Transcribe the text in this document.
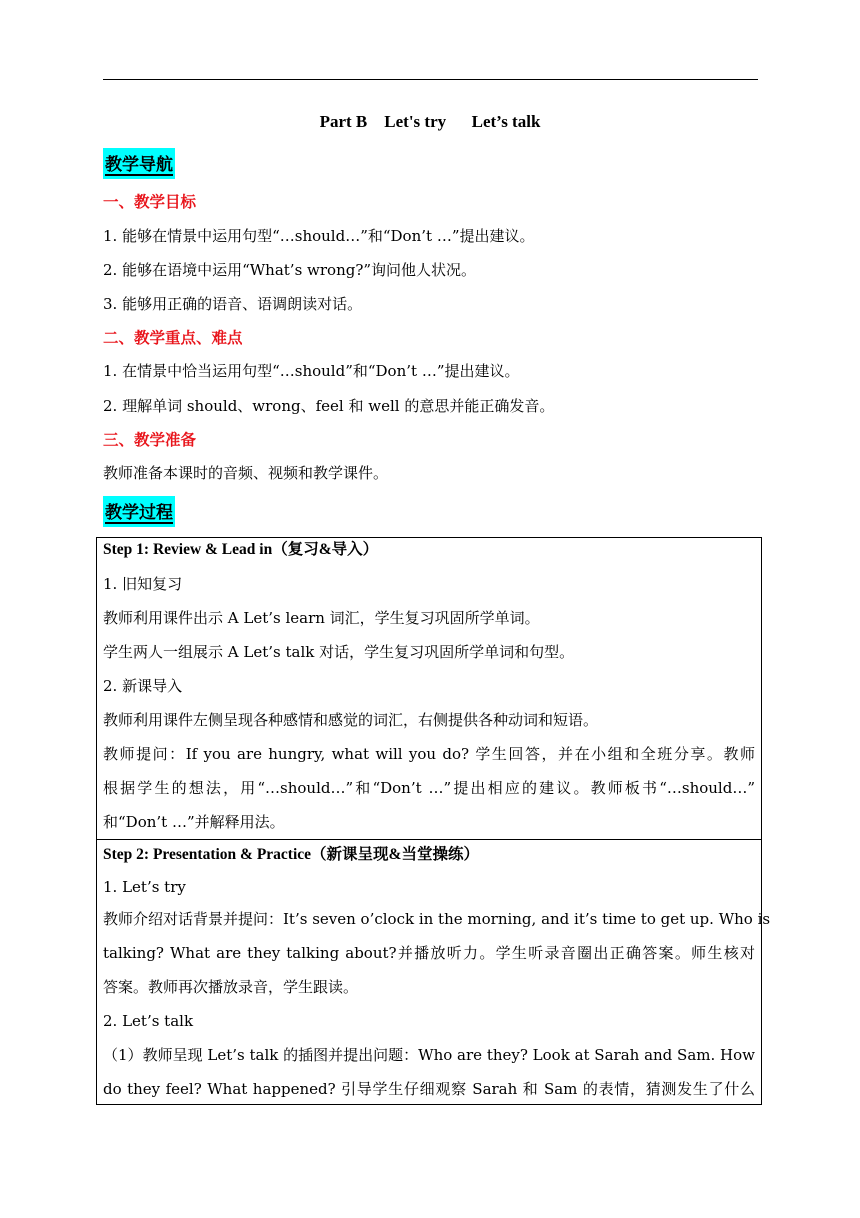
Part B    Let's try      Let’s talk
教学导航
一、教学目标
1. 能够在情景中运用句型“…should…”和“Don’t …”提出建议。
2. 能够在语境中运用“What’s wrong?”询问他人状况。
3. 能够用正确的语音、语调朗读对话。
二、教学重点、难点
1. 在情景中恰当运用句型“…should”和“Don’t …”提出建议。
2. 理解单词 should、wrong、feel 和 well 的意思并能正确发音。
三、教学准备
教师准备本课时的音频、视频和教学课件。
教学过程

Step 1: Review & Lead in（复习&导入）

1. 旧知复习

教师利用课件出示 A Let’s learn 词汇，学生复习巩固所学单词。

学生两人一组展示 A Let’s talk 对话，学生复习巩固所学单词和句型。

2. 新课导入

教师利用课件左侧呈现各种感情和感觉的词汇，右侧提供各种动词和短语。

教师提问：If you are hungry, what will you do? 学生回答，并在小组和全班分享。教师

根据学生的想法，用“…should…”和“Don’t …”提出相应的建议。教师板书“…should…”

和“Don’t …”并解释用法。

Step 2: Presentation & Practice（新课呈现&当堂操练）

1. Let’s try

教师介绍对话背景并提问：It’s seven o’clock in the morning, and it’s time to get up. Who is

talking? What are they talking about?并播放听力。学生听录音圈出正确答案。师生核对

答案。教师再次播放录音，学生跟读。

2. Let’s talk

（1）教师呈现 Let’s talk 的插图并提出问题：Who are they? Look at Sarah and Sam. How

do they feel? What happened? 引导学生仔细观察 Sarah 和 Sam 的表情，猜测发生了什么
